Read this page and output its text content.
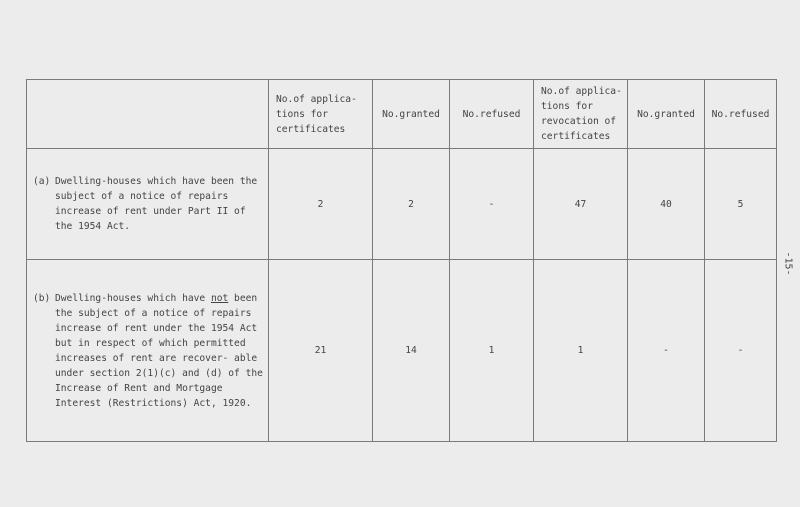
	No.of applica-
tions for
certificates	No.granted	No.refused	No.of applica-
tions for
revocation of
certificates	No.granted	No.refused

(a) Dwelling-houses which have been the subject of a notice of repairs increase of rent under Part II of the 1954 Act.	2	2	-	47	40	5

(b) Dwelling-houses which have not been the subject of a notice of repairs increase of rent under the 1954 Act but in respect of which permitted increases of rent are recover- able under section 2(1)(c) and (d) of the Increase of Rent and Mortgage Interest (Restrictions) Act, 1920.	21	14	1	1	-	-
-15-
